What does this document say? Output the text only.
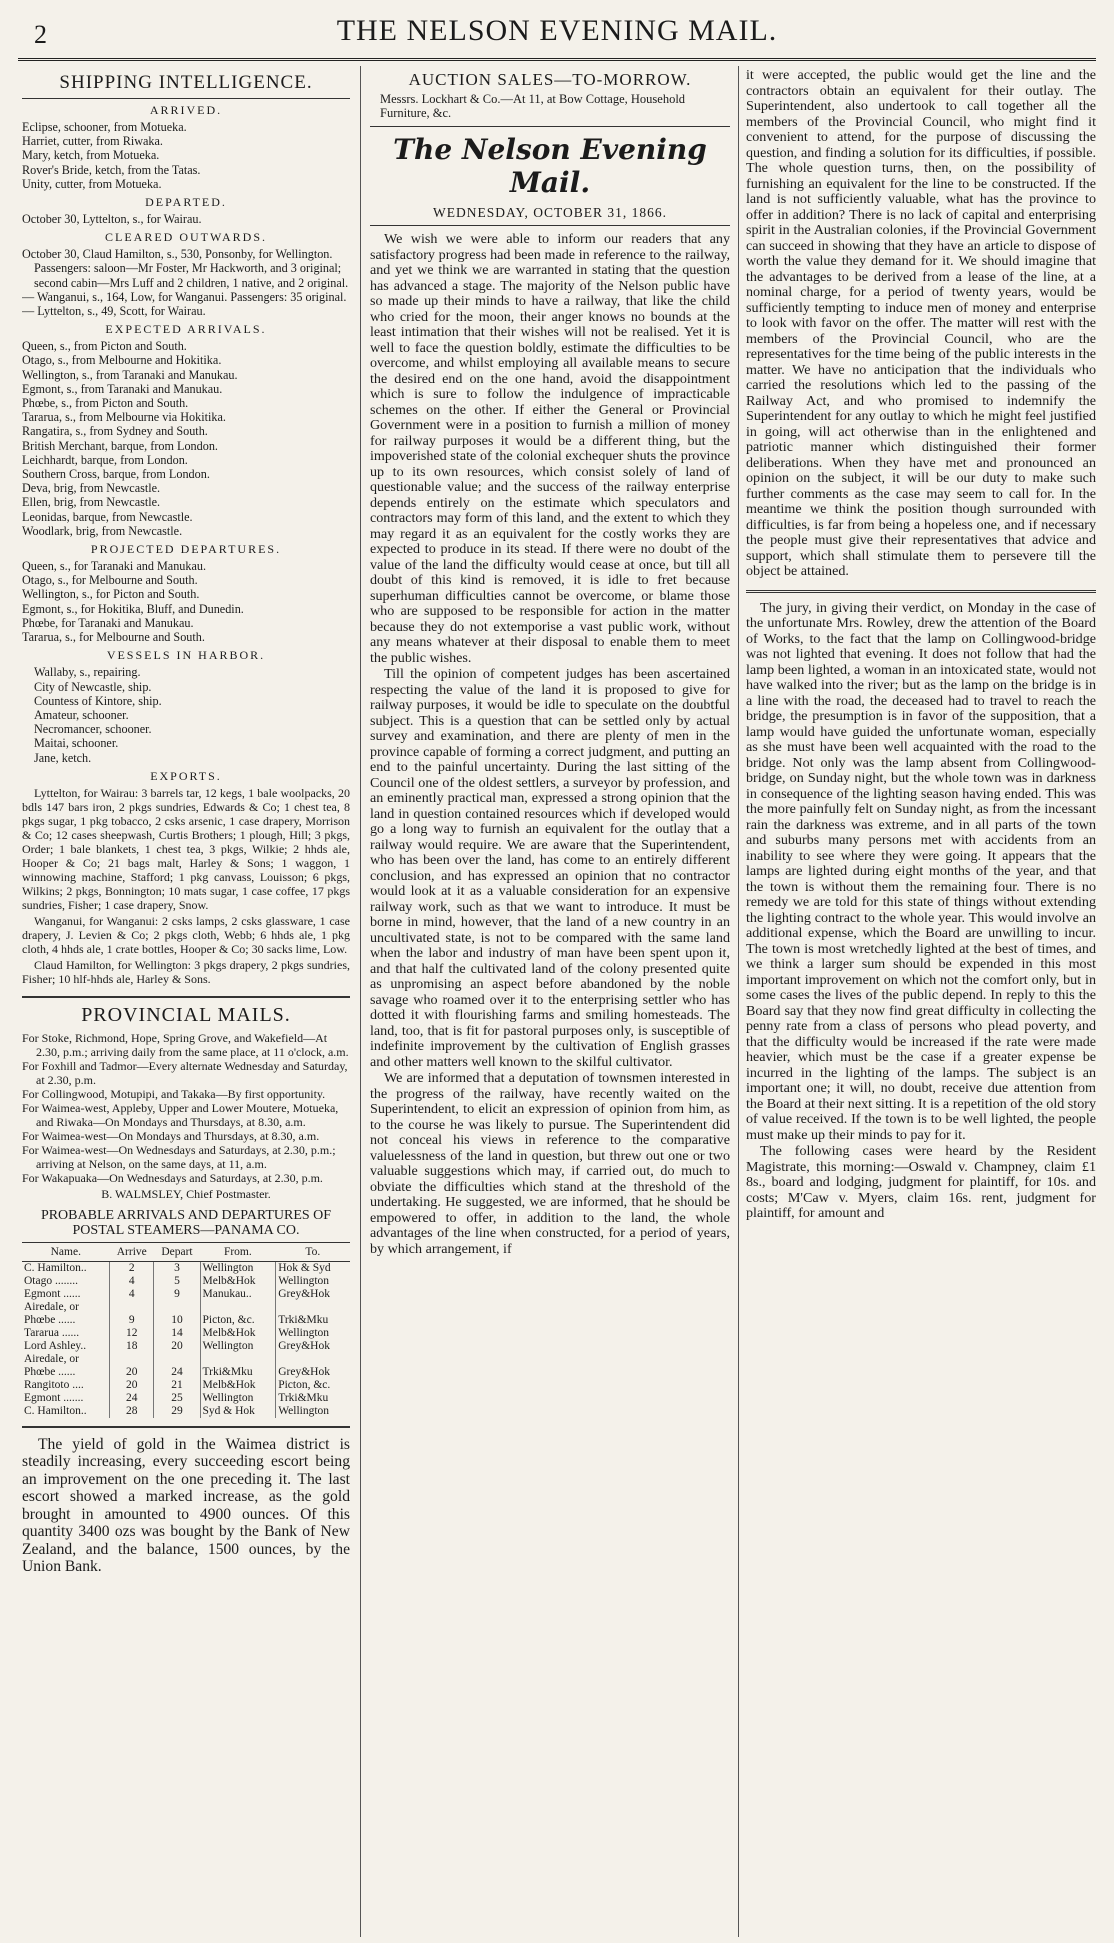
2	THE NELSON EVENING MAIL.
SHIPPING INTELLIGENCE.
ARRIVED.

Eclipse, schooner, from Motueka.

Harriet, cutter, from Riwaka.

Mary, ketch, from Motueka.

Rover's Bride, ketch, from the Tatas.

Unity, cutter, from Motueka.

DEPARTED.

October 30, Lyttelton, s., for Wairau.

CLEARED OUTWARDS.

October 30, Claud Hamilton, s., 530, Ponsonby, for Wellington. Passengers: saloon—Mr Foster, Mr Hackworth, and 3 original; second cabin—Mrs Luff and 2 children, 1 native, and 2 original.

— Wanganui, s., 164, Low, for Wanganui. Passengers: 35 original.

— Lyttelton, s., 49, Scott, for Wairau.

EXPECTED ARRIVALS.

Queen, s., from Picton and South.

Otago, s., from Melbourne and Hokitika.

Wellington, s., from Taranaki and Manukau.

Egmont, s., from Taranaki and Manukau.

Phœbe, s., from Picton and South.

Tararua, s., from Melbourne via Hokitika.

Rangatira, s., from Sydney and South.

British Merchant, barque, from London.

Leichhardt, barque, from London.

Southern Cross, barque, from London.

Deva, brig, from Newcastle.

Ellen, brig, from Newcastle.

Leonidas, barque, from Newcastle.

Woodlark, brig, from Newcastle.

PROJECTED DEPARTURES.

Queen, s., for Taranaki and Manukau.

Otago, s., for Melbourne and South.

Wellington, s., for Picton and South.

Egmont, s., for Hokitika, Bluff, and Dunedin.

Phœbe, for Taranaki and Manukau.

Tararua, s., for Melbourne and South.

VESSELS IN HARBOR.

Wallaby, s., repairing.

City of Newcastle, ship.

Countess of Kintore, ship.

Amateur, schooner.

Necromancer, schooner.

Maitai, schooner.

Jane, ketch.

EXPORTS.

Lyttelton, for Wairau: 3 barrels tar, 12 kegs, 1 bale woolpacks, 20 bdls 147 bars iron, 2 pkgs sundries, Edwards & Co; 1 chest tea, 8 pkgs sugar, 1 pkg tobacco, 2 csks arsenic, 1 case drapery, Morrison & Co; 12 cases sheepwash, Curtis Brothers; 1 plough, Hill; 3 pkgs, Order; 1 bale blankets, 1 chest tea, 3 pkgs, Wilkie; 2 hhds ale, Hooper & Co; 21 bags malt, Harley & Sons; 1 waggon, 1 winnowing machine, Stafford; 1 pkg canvass, Louisson; 6 pkgs, Wilkins; 2 pkgs, Bonnington; 10 mats sugar, 1 case coffee, 17 pkgs sundries, Fisher; 1 case drapery, Snow.

Wanganui, for Wanganui: 2 csks lamps, 2 csks glassware, 1 case drapery, J. Levien & Co; 2 pkgs cloth, Webb; 6 hhds ale, 1 pkg cloth, 4 hhds ale, 1 crate bottles, Hooper & Co; 30 sacks lime, Low.

Claud Hamilton, for Wellington: 3 pkgs drapery, 2 pkgs sundries, Fisher; 10 hlf-hhds ale, Harley & Sons.

PROVINCIAL MAILS.

For Stoke, Richmond, Hope, Spring Grove, and Wakefield—At 2.30, p.m.; arriving daily from the same place, at 11 o'clock, a.m.

For Foxhill and Tadmor—Every alternate Wednesday and Saturday, at 2.30, p.m.

For Collingwood, Motupipi, and Takaka—By first opportunity.

For Waimea-west, Appleby, Upper and Lower Moutere, Motueka, and Riwaka—On Mondays and Thursdays, at 8.30, a.m.

For Waimea-west—On Mondays and Thursdays, at 8.30, a.m.

For Waimea-west—On Wednesdays and Saturdays, at 2.30, p.m.; arriving at Nelson, on the same days, at 11, a.m.

For Wakapuaka—On Wednesdays and Saturdays, at 2.30, p.m.

B. WALMSLEY, Chief Postmaster.
PROBABLE ARRIVALS AND DEPARTURES OF POSTAL STEAMERS—PANAMA CO.
Name.	Arrive	Depart	From.	To.
C. Hamilton..	2	3	Wellington	Hok & Syd
Otago ........	4	5	Melb&Hok	Wellington
Egmont ......	4	9	Manukau..	Grey&Hok
Airedale, or				
Phœbe ......	9	10	Picton, &c.	Trki&Mku
Tararua ......	12	14	Melb&Hok	Wellington
Lord Ashley..	18	20	Wellington	Grey&Hok
Airedale, or				
Phœbe ......	20	24	Trki&Mku	Grey&Hok
Rangitoto ....	20	21	Melb&Hok	Picton, &c.
Egmont .......	24	25	Wellington	Trki&Mku
C. Hamilton..	28	29	Syd & Hok	Wellington

The yield of gold in the Waimea district is steadily increasing, every succeeding escort being an improvement on the one preceding it. The last escort showed a marked increase, as the gold brought in amounted to 4900 ounces. Of this quantity 3400 ozs was bought by the Bank of New Zealand, and the balance, 1500 ounces, by the Union Bank.

AUCTION SALES—TO-MORROW.

Messrs. Lockhart & Co.—At 11, at Bow Cottage, Household Furniture, &c.

The Nelson Evening Mail.
WEDNESDAY, OCTOBER 31, 1866.

We wish we were able to inform our readers that any satisfactory progress had been made in reference to the railway, and yet we think we are warranted in stating that the question has advanced a stage. The majority of the Nelson public have so made up their minds to have a railway, that like the child who cried for the moon, their anger knows no bounds at the least intimation that their wishes will not be realised. Yet it is well to face the question boldly, estimate the difficulties to be overcome, and whilst employing all available means to secure the desired end on the one hand, avoid the disappointment which is sure to follow the indulgence of impracticable schemes on the other. If either the General or Provincial Government were in a position to furnish a million of money for railway purposes it would be a different thing, but the impoverished state of the colonial exchequer shuts the province up to its own resources, which consist solely of land of questionable value; and the success of the railway enterprise depends entirely on the estimate which speculators and contractors may form of this land, and the extent to which they may regard it as an equivalent for the costly works they are expected to produce in its stead. If there were no doubt of the value of the land the difficulty would cease at once, but till all doubt of this kind is removed, it is idle to fret because superhuman difficulties cannot be overcome, or blame those who are supposed to be responsible for action in the matter because they do not extemporise a vast public work, without any means whatever at their disposal to enable them to meet the public wishes.

Till the opinion of competent judges has been ascertained respecting the value of the land it is proposed to give for railway purposes, it would be idle to speculate on the doubtful subject. This is a question that can be settled only by actual survey and examination, and there are plenty of men in the province capable of forming a correct judgment, and putting an end to the painful uncertainty. During the last sitting of the Council one of the oldest settlers, a surveyor by profession, and an eminently practical man, expressed a strong opinion that the land in question contained resources which if developed would go a long way to furnish an equivalent for the outlay that a railway would require. We are aware that the Superintendent, who has been over the land, has come to an entirely different conclusion, and has expressed an opinion that no contractor would look at it as a valuable consideration for an expensive railway work, such as that we want to introduce. It must be borne in mind, however, that the land of a new country in an uncultivated state, is not to be compared with the same land when the labor and industry of man have been spent upon it, and that half the cultivated land of the colony presented quite as unpromising an aspect before abandoned by the noble savage who roamed over it to the enterprising settler who has dotted it with flourishing farms and smiling homesteads. The land, too, that is fit for pastoral purposes only, is susceptible of indefinite improvement by the cultivation of English grasses and other matters well known to the skilful cultivator.

We are informed that a deputation of townsmen interested in the progress of the railway, have recently waited on the Superintendent, to elicit an expression of opinion from him, as to the course he was likely to pursue. The Superintendent did not conceal his views in reference to the comparative valuelessness of the land in question, but threw out one or two valuable suggestions which may, if carried out, do much to obviate the difficulties which stand at the threshold of the undertaking. He suggested, we are informed, that he should be empowered to offer, in addition to the land, the whole advantages of the line when constructed, for a period of years, by which arrangement, if

it were accepted, the public would get the line and the contractors obtain an equivalent for their outlay. The Superintendent, also undertook to call together all the members of the Provincial Council, who might find it convenient to attend, for the purpose of discussing the question, and finding a solution for its difficulties, if possible. The whole question turns, then, on the possibility of furnishing an equivalent for the line to be constructed. If the land is not sufficiently valuable, what has the province to offer in addition? There is no lack of capital and enterprising spirit in the Australian colonies, if the Provincial Government can succeed in showing that they have an article to dispose of worth the value they demand for it. We should imagine that the advantages to be derived from a lease of the line, at a nominal charge, for a period of twenty years, would be sufficiently tempting to induce men of money and enterprise to look with favor on the offer. The matter will rest with the members of the Provincial Council, who are the representatives for the time being of the public interests in the matter. We have no anticipation that the individuals who carried the resolutions which led to the passing of the Railway Act, and who promised to indemnify the Superintendent for any outlay to which he might feel justified in going, will act otherwise than in the enlightened and patriotic manner which distinguished their former deliberations. When they have met and pronounced an opinion on the subject, it will be our duty to make such further comments as the case may seem to call for. In the meantime we think the position though surrounded with difficulties, is far from being a hopeless one, and if necessary the people must give their representatives that advice and support, which shall stimulate them to persevere till the object be attained.

The jury, in giving their verdict, on Monday in the case of the unfortunate Mrs. Rowley, drew the attention of the Board of Works, to the fact that the lamp on Collingwood-bridge was not lighted that evening. It does not follow that had the lamp been lighted, a woman in an intoxicated state, would not have walked into the river; but as the lamp on the bridge is in a line with the road, the deceased had to travel to reach the bridge, the presumption is in favor of the supposition, that a lamp would have guided the unfortunate woman, especially as she must have been well acquainted with the road to the bridge. Not only was the lamp absent from Collingwood-bridge, on Sunday night, but the whole town was in darkness in consequence of the lighting season having ended. This was the more painfully felt on Sunday night, as from the incessant rain the darkness was extreme, and in all parts of the town and suburbs many persons met with accidents from an inability to see where they were going. It appears that the lamps are lighted during eight months of the year, and that the town is without them the remaining four. There is no remedy we are told for this state of things without extending the lighting contract to the whole year. This would involve an additional expense, which the Board are unwilling to incur. The town is most wretchedly lighted at the best of times, and we think a larger sum should be expended in this most important improvement on which not the comfort only, but in some cases the lives of the public depend. In reply to this the Board say that they now find great difficulty in collecting the penny rate from a class of persons who plead poverty, and that the difficulty would be increased if the rate were made heavier, which must be the case if a greater expense be incurred in the lighting of the lamps. The subject is an important one; it will, no doubt, receive due attention from the Board at their next sitting. It is a repetition of the old story of value received. If the town is to be well lighted, the people must make up their minds to pay for it.

The following cases were heard by the Resident Magistrate, this morning:—Oswald v. Champney, claim £1 8s., board and lodging, judgment for plaintiff, for 10s. and costs; M'Caw v. Myers, claim 16s. rent, judgment for plaintiff, for amount and
